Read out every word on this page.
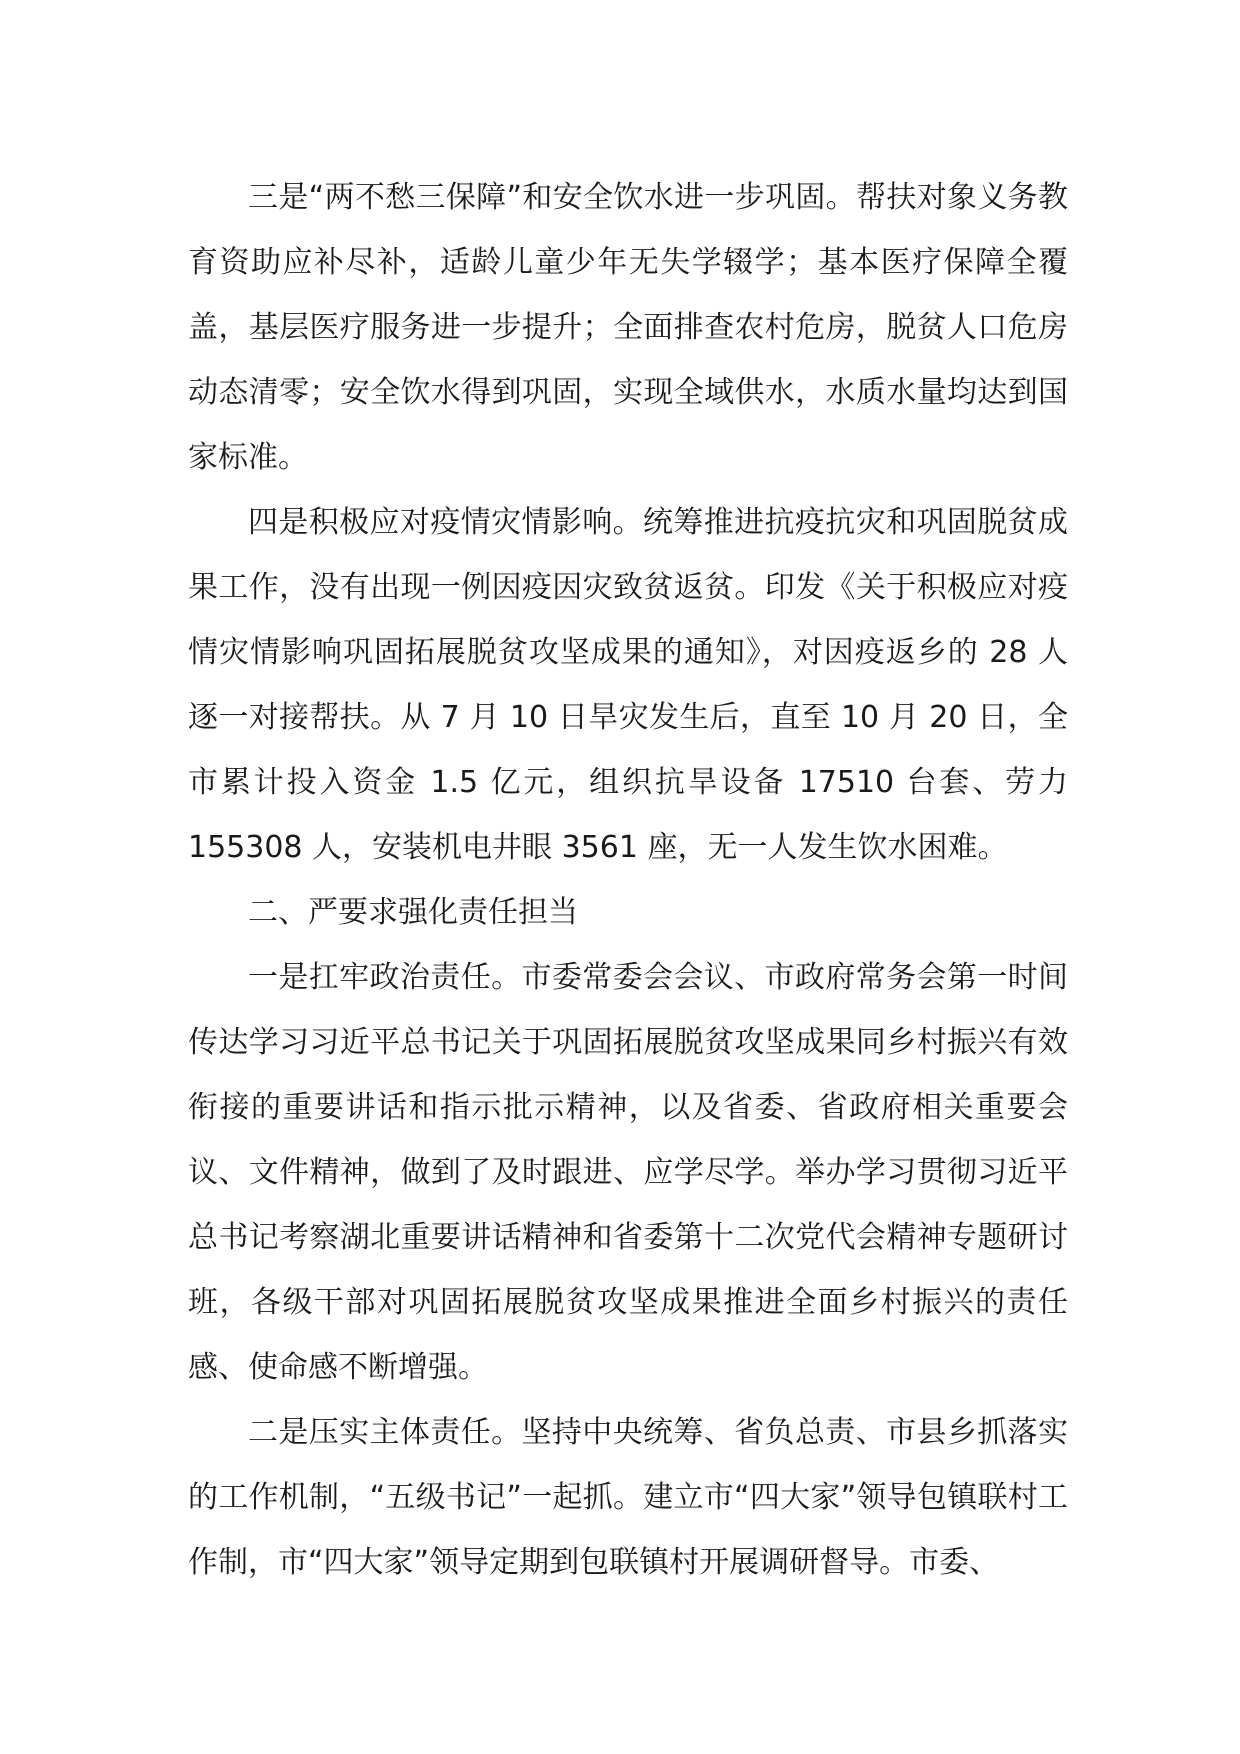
三是“两不愁三保障”和安全饮水进一步巩固。帮扶对象义务教育资助应补尽补，适龄儿童少年无失学辍学；基本医疗保障全覆盖，基层医疗服务进一步提升；全面排查农村危房，脱贫人口危房动态清零；安全饮水得到巩固，实现全域供水，水质水量均达到国家标准。

四是积极应对疫情灾情影响。统筹推进抗疫抗灾和巩固脱贫成果工作，没有出现一例因疫因灾致贫返贫。印发《关于积极应对疫情灾情影响巩固拓展脱贫攻坚成果的通知》，对因疫返乡的 28 人逐一对接帮扶。从 7 月 10 日旱灾发生后，直至 10 月 20 日，全市累计投入资金 1.5 亿元，组织抗旱设备 17510 台套、劳力 155308 人，安装机电井眼 3561 座，无一人发生饮水困难。

二、严要求强化责任担当

一是扛牢政治责任。市委常委会会议、市政府常务会第一时间传达学习习近平总书记关于巩固拓展脱贫攻坚成果同乡村振兴有效衔接的重要讲话和指示批示精神，以及省委、省政府相关重要会议、文件精神，做到了及时跟进、应学尽学。举办学习贯彻习近平总书记考察湖北重要讲话精神和省委第十二次党代会精神专题研讨班，各级干部对巩固拓展脱贫攻坚成果推进全面乡村振兴的责任感、使命感不断增强。

二是压实主体责任。坚持中央统筹、省负总责、市县乡抓落实的工作机制，“五级书记”一起抓。建立市“四大家”领导包镇联村工作制，市“四大家”领导定期到包联镇村开展调研督导。市委、
